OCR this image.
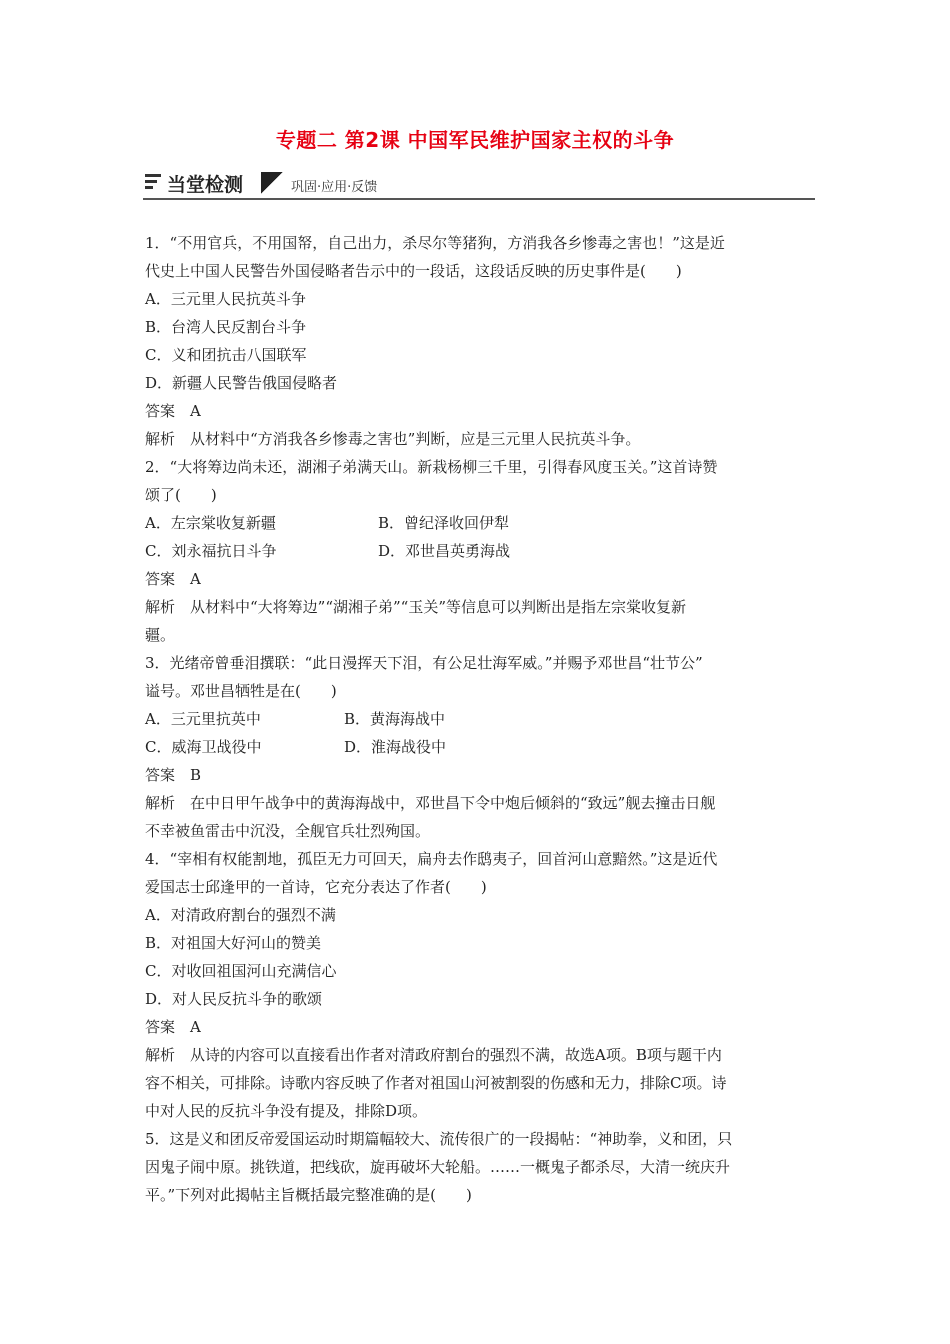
专题二 第2课 中国军民维护国家主权的斗争
当堂检测	巩固·应用·反馈
1．“不用官兵，不用国帑，自己出力，杀尽尔等猪狗，方消我各乡惨毒之害也！”这是近
代史上中国人民警告外国侵略者告示中的一段话，这段话反映的历史事件是(　　)
A．三元里人民抗英斗争
B．台湾人民反割台斗争
C．义和团抗击八国联军
D．新疆人民警告俄国侵略者
答案　A
解析　从材料中“方消我各乡惨毒之害也”判断，应是三元里人民抗英斗争。
2．“大将筹边尚未还，湖湘子弟满天山。新栽杨柳三千里，引得春风度玉关。”这首诗赞
颂了(　　)
A．左宗棠收复新疆	B．曾纪泽收回伊犁
C．刘永福抗日斗争	D．邓世昌英勇海战
答案　A
解析　从材料中“大将筹边”“湖湘子弟”“玉关”等信息可以判断出是指左宗棠收复新
疆。
3．光绪帝曾垂泪撰联：“此日漫挥天下泪，有公足壮海军威。”并赐予邓世昌“壮节公”
谥号。邓世昌牺牲是在(　　)
A．三元里抗英中	B．黄海海战中
C．威海卫战役中	D．淮海战役中
答案　B
解析　在中日甲午战争中的黄海海战中，邓世昌下令中炮后倾斜的“致远”舰去撞击日舰
不幸被鱼雷击中沉没，全舰官兵壮烈殉国。
4．“宰相有权能割地，孤臣无力可回天，扁舟去作鸱夷子，回首河山意黯然。”这是近代
爱国志士邱逢甲的一首诗，它充分表达了作者(　　)
A．对清政府割台的强烈不满
B．对祖国大好河山的赞美
C．对收回祖国河山充满信心
D．对人民反抗斗争的歌颂
答案　A
解析　从诗的内容可以直接看出作者对清政府割台的强烈不满，故选A项。B项与题干内
容不相关，可排除。诗歌内容反映了作者对祖国山河被割裂的伤感和无力，排除C项。诗
中对人民的反抗斗争没有提及，排除D项。
5．这是义和团反帝爱国运动时期篇幅较大、流传很广的一段揭帖：“神助拳，义和团，只
因鬼子闹中原。挑铁道，把线砍，旋再破坏大轮船。……一概鬼子都杀尽，大清一统庆升
平。”下列对此揭帖主旨概括最完整准确的是(　　)
